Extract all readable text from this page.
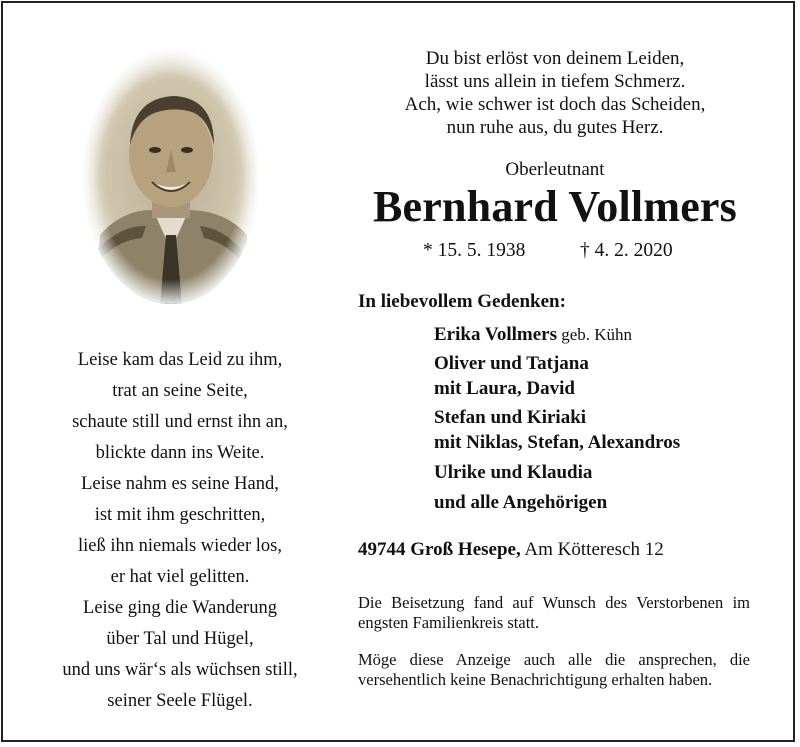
Leise kam das Leid zu ihm,
trat an seine Seite,
schaute still und ernst ihn an,
blickte dann ins Weite.
Leise nahm es seine Hand,
ist mit ihm geschritten,
ließ ihn niemals wieder los,
er hat viel gelitten.
Leise ging die Wanderung
über Tal und Hügel,
und uns wär‘s als wüchsen still,
seiner Seele Flügel.
Du bist erlöst von deinem Leiden,
lässt uns allein in tiefem Schmerz.
Ach, wie schwer ist doch das Scheiden,
nun ruhe aus, du gutes Herz.
Oberleutnant
Bernhard Vollmers
* 15. 5. 1938	† 4. 2. 2020
In liebevollem Gedenken:
Erika Vollmers geb. Kühn
Oliver und Tatjana
mit Laura, David
Stefan und Kiriaki
mit Niklas, Stefan, Alexandros
Ulrike und Klaudia
und alle Angehörigen
49744 Groß Hesepe, Am Kötteresch 12
Die Beisetzung fand auf Wunsch des Verstorbenen im engsten Familienkreis statt.
Möge diese Anzeige auch alle die ansprechen, die versehentlich keine Benachrichtigung erhalten haben.
